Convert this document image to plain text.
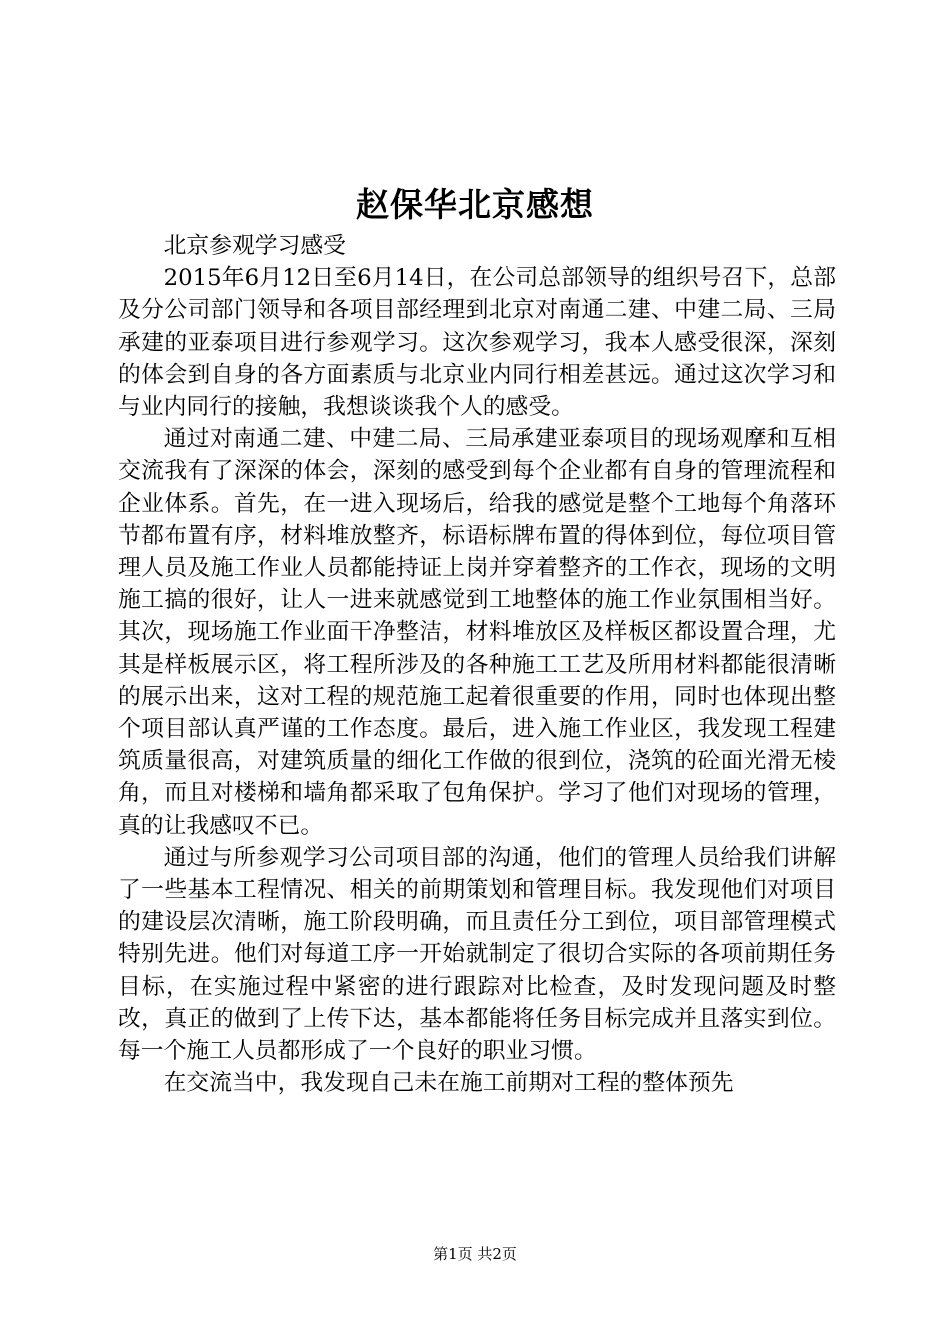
赵保华北京感想

北京参观学习感受

2015年6月12日至6月14日，在公司总部领导的组织号召下，总部及分公司部门领导和各项目部经理到北京对南通二建、中建二局、三局承建的亚泰项目进行参观学习。这次参观学习，我本人感受很深，深刻的体会到自身的各方面素质与北京业内同行相差甚远。通过这次学习和与业内同行的接触，我想谈谈我个人的感受。

通过对南通二建、中建二局、三局承建亚泰项目的现场观摩和互相交流我有了深深的体会，深刻的感受到每个企业都有自身的管理流程和企业体系。首先，在一进入现场后，给我的感觉是整个工地每个角落环节都布置有序，材料堆放整齐，标语标牌布置的得体到位，每位项目管理人员及施工作业人员都能持证上岗并穿着整齐的工作衣，现场的文明施工搞的很好，让人一进来就感觉到工地整体的施工作业氛围相当好。其次，现场施工作业面干净整洁，材料堆放区及样板区都设置合理，尤其是样板展示区，将工程所涉及的各种施工工艺及所用材料都能很清晰的展示出来，这对工程的规范施工起着很重要的作用，同时也体现出整个项目部认真严谨的工作态度。最后，进入施工作业区，我发现工程建筑质量很高，对建筑质量的细化工作做的很到位，浇筑的砼面光滑无棱角，而且对楼梯和墙角都采取了包角保护。学习了他们对现场的管理，真的让我感叹不已。

通过与所参观学习公司项目部的沟通，他们的管理人员给我们讲解了一些基本工程情况、相关的前期策划和管理目标。我发现他们对项目的建设层次清晰，施工阶段明确，而且责任分工到位，项目部管理模式特别先进。他们对每道工序一开始就制定了很切合实际的各项前期任务目标，在实施过程中紧密的进行跟踪对比检查，及时发现问题及时整改，真正的做到了上传下达，基本都能将任务目标完成并且落实到位。每一个施工人员都形成了一个良好的职业习惯。

在交流当中，我发现自己未在施工前期对工程的整体预先

第1页 共2页
